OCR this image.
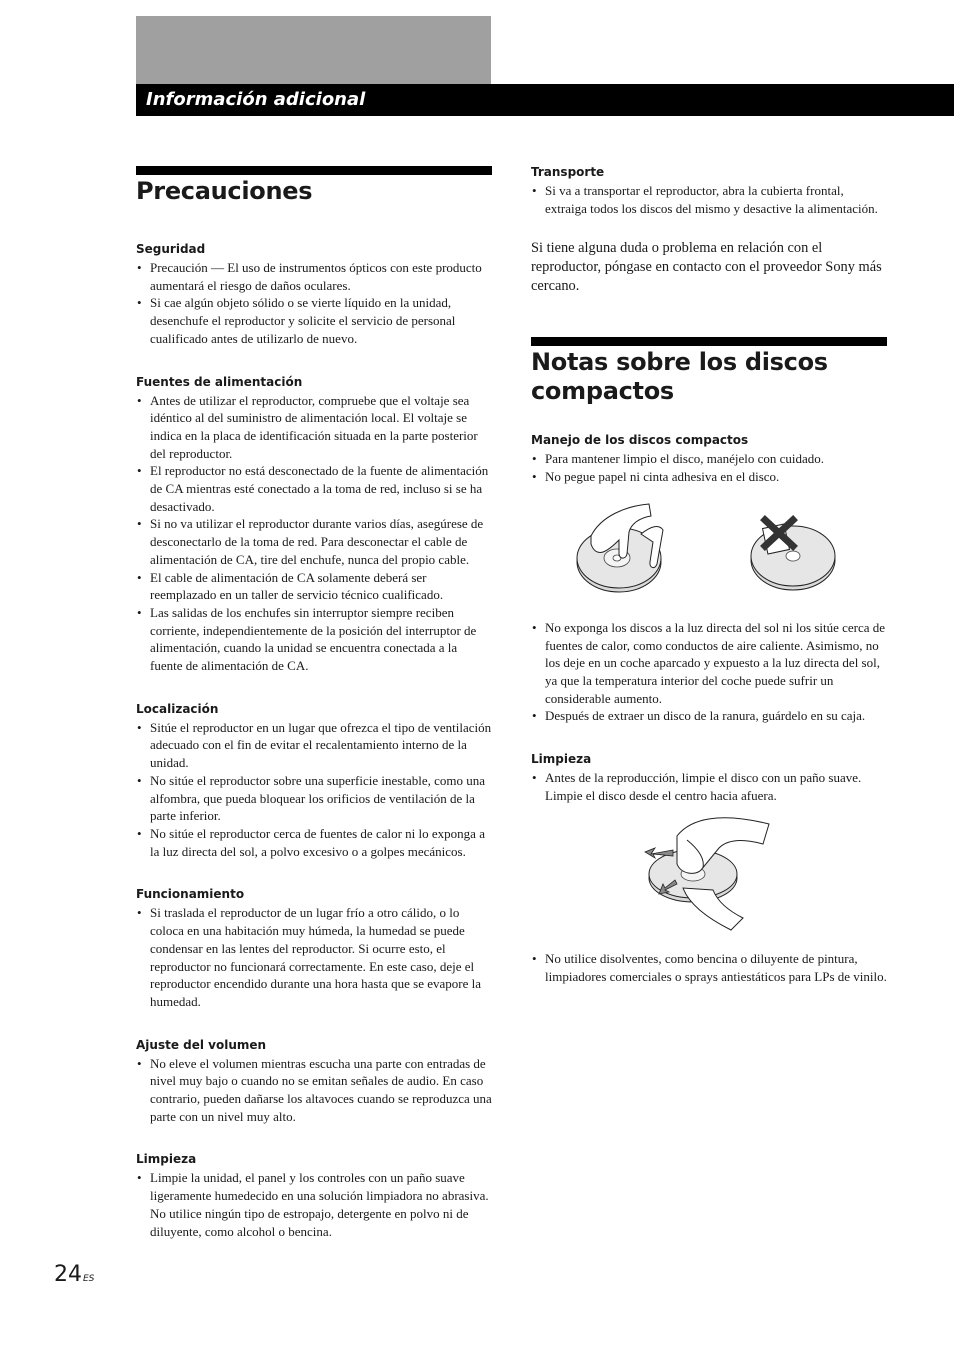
Información adicional
Precauciones
Seguridad
• Precaución — El uso de instrumentos ópticos con este producto aumentará el riesgo de daños oculares.
• Si cae algún objeto sólido o se vierte líquido en la unidad, desenchufe el reproductor y solicite el servicio de personal cualificado antes de utilizarlo de nuevo.
Fuentes de alimentación
• Antes de utilizar el reproductor, compruebe que el voltaje sea idéntico al del suministro de alimentación local. El voltaje se indica en la placa de identificación situada en la parte posterior del reproductor.
• El reproductor no está desconectado de la fuente de alimentación de CA mientras esté conectado a la toma de red, incluso si se ha desactivado.
• Si no va utilizar el reproductor durante varios días, asegúrese de desconectarlo de la toma de red. Para desconectar el cable de alimentación de CA, tire del enchufe, nunca del propio cable.
• El cable de alimentación de CA solamente deberá ser reemplazado en un taller de servicio técnico cualificado.
• Las salidas de los enchufes sin interruptor siempre reciben corriente, independientemente de la posición del interruptor de alimentación, cuando la unidad se encuentra conectada a la fuente de alimentación de CA.
Localización
• Sitúe el reproductor en un lugar que ofrezca el tipo de ventilación adecuado con el fin de evitar el recalentamiento interno de la unidad.
• No sitúe el reproductor sobre una superficie inestable, como una alfombra, que pueda bloquear los orificios de ventilación de la parte inferior.
• No sitúe el reproductor cerca de fuentes de calor ni lo exponga a la luz directa del sol, a polvo excesivo o a golpes mecánicos.
Funcionamiento
• Si traslada el reproductor de un lugar frío a otro cálido, o lo coloca en una habitación muy húmeda, la humedad se puede condensar en las lentes del reproductor. Si ocurre esto, el reproductor no funcionará correctamente. En este caso, deje el reproductor encendido durante una hora hasta que se evapore la humedad.
Ajuste del volumen
• No eleve el volumen mientras escucha una parte con entradas de nivel muy bajo o cuando no se emitan señales de audio. En caso contrario, pueden dañarse los altavoces cuando se reproduzca una parte con un nivel muy alto.
Limpieza
• Limpie la unidad, el panel y los controles con un paño suave ligeramente humedecido en una solución limpiadora no abrasiva. No utilice ningún tipo de estropajo, detergente en polvo ni de diluyente, como alcohol o bencina.
Transporte
• Si va a transportar el reproductor, abra la cubierta frontal, extraiga todos los discos del mismo y desactive la alimentación.

Si tiene alguna duda o problema en relación con el reproductor, póngase en contacto con el proveedor Sony más cercano.

Notas sobre los discos
compactos
Manejo de los discos compactos
• Para mantener limpio el disco, manéjelo con cuidado.
• No pegue papel ni cinta adhesiva en el disco.
• No exponga los discos a la luz directa del sol ni los sitúe cerca de fuentes de calor, como conductos de aire caliente. Asimismo, no los deje en un coche aparcado y expuesto a la luz directa del sol, ya que la temperatura interior del coche puede sufrir un considerable aumento.
• Después de extraer un disco de la ranura, guárdelo en su caja.
Limpieza
• Antes de la reproducción, limpie el disco con un paño suave. Limpie el disco desde el centro hacia afuera.
• No utilice disolventes, como bencina o diluyente de pintura, limpiadores comerciales o sprays antiestáticos para LPs de vinilo.
$24^{ES}$
